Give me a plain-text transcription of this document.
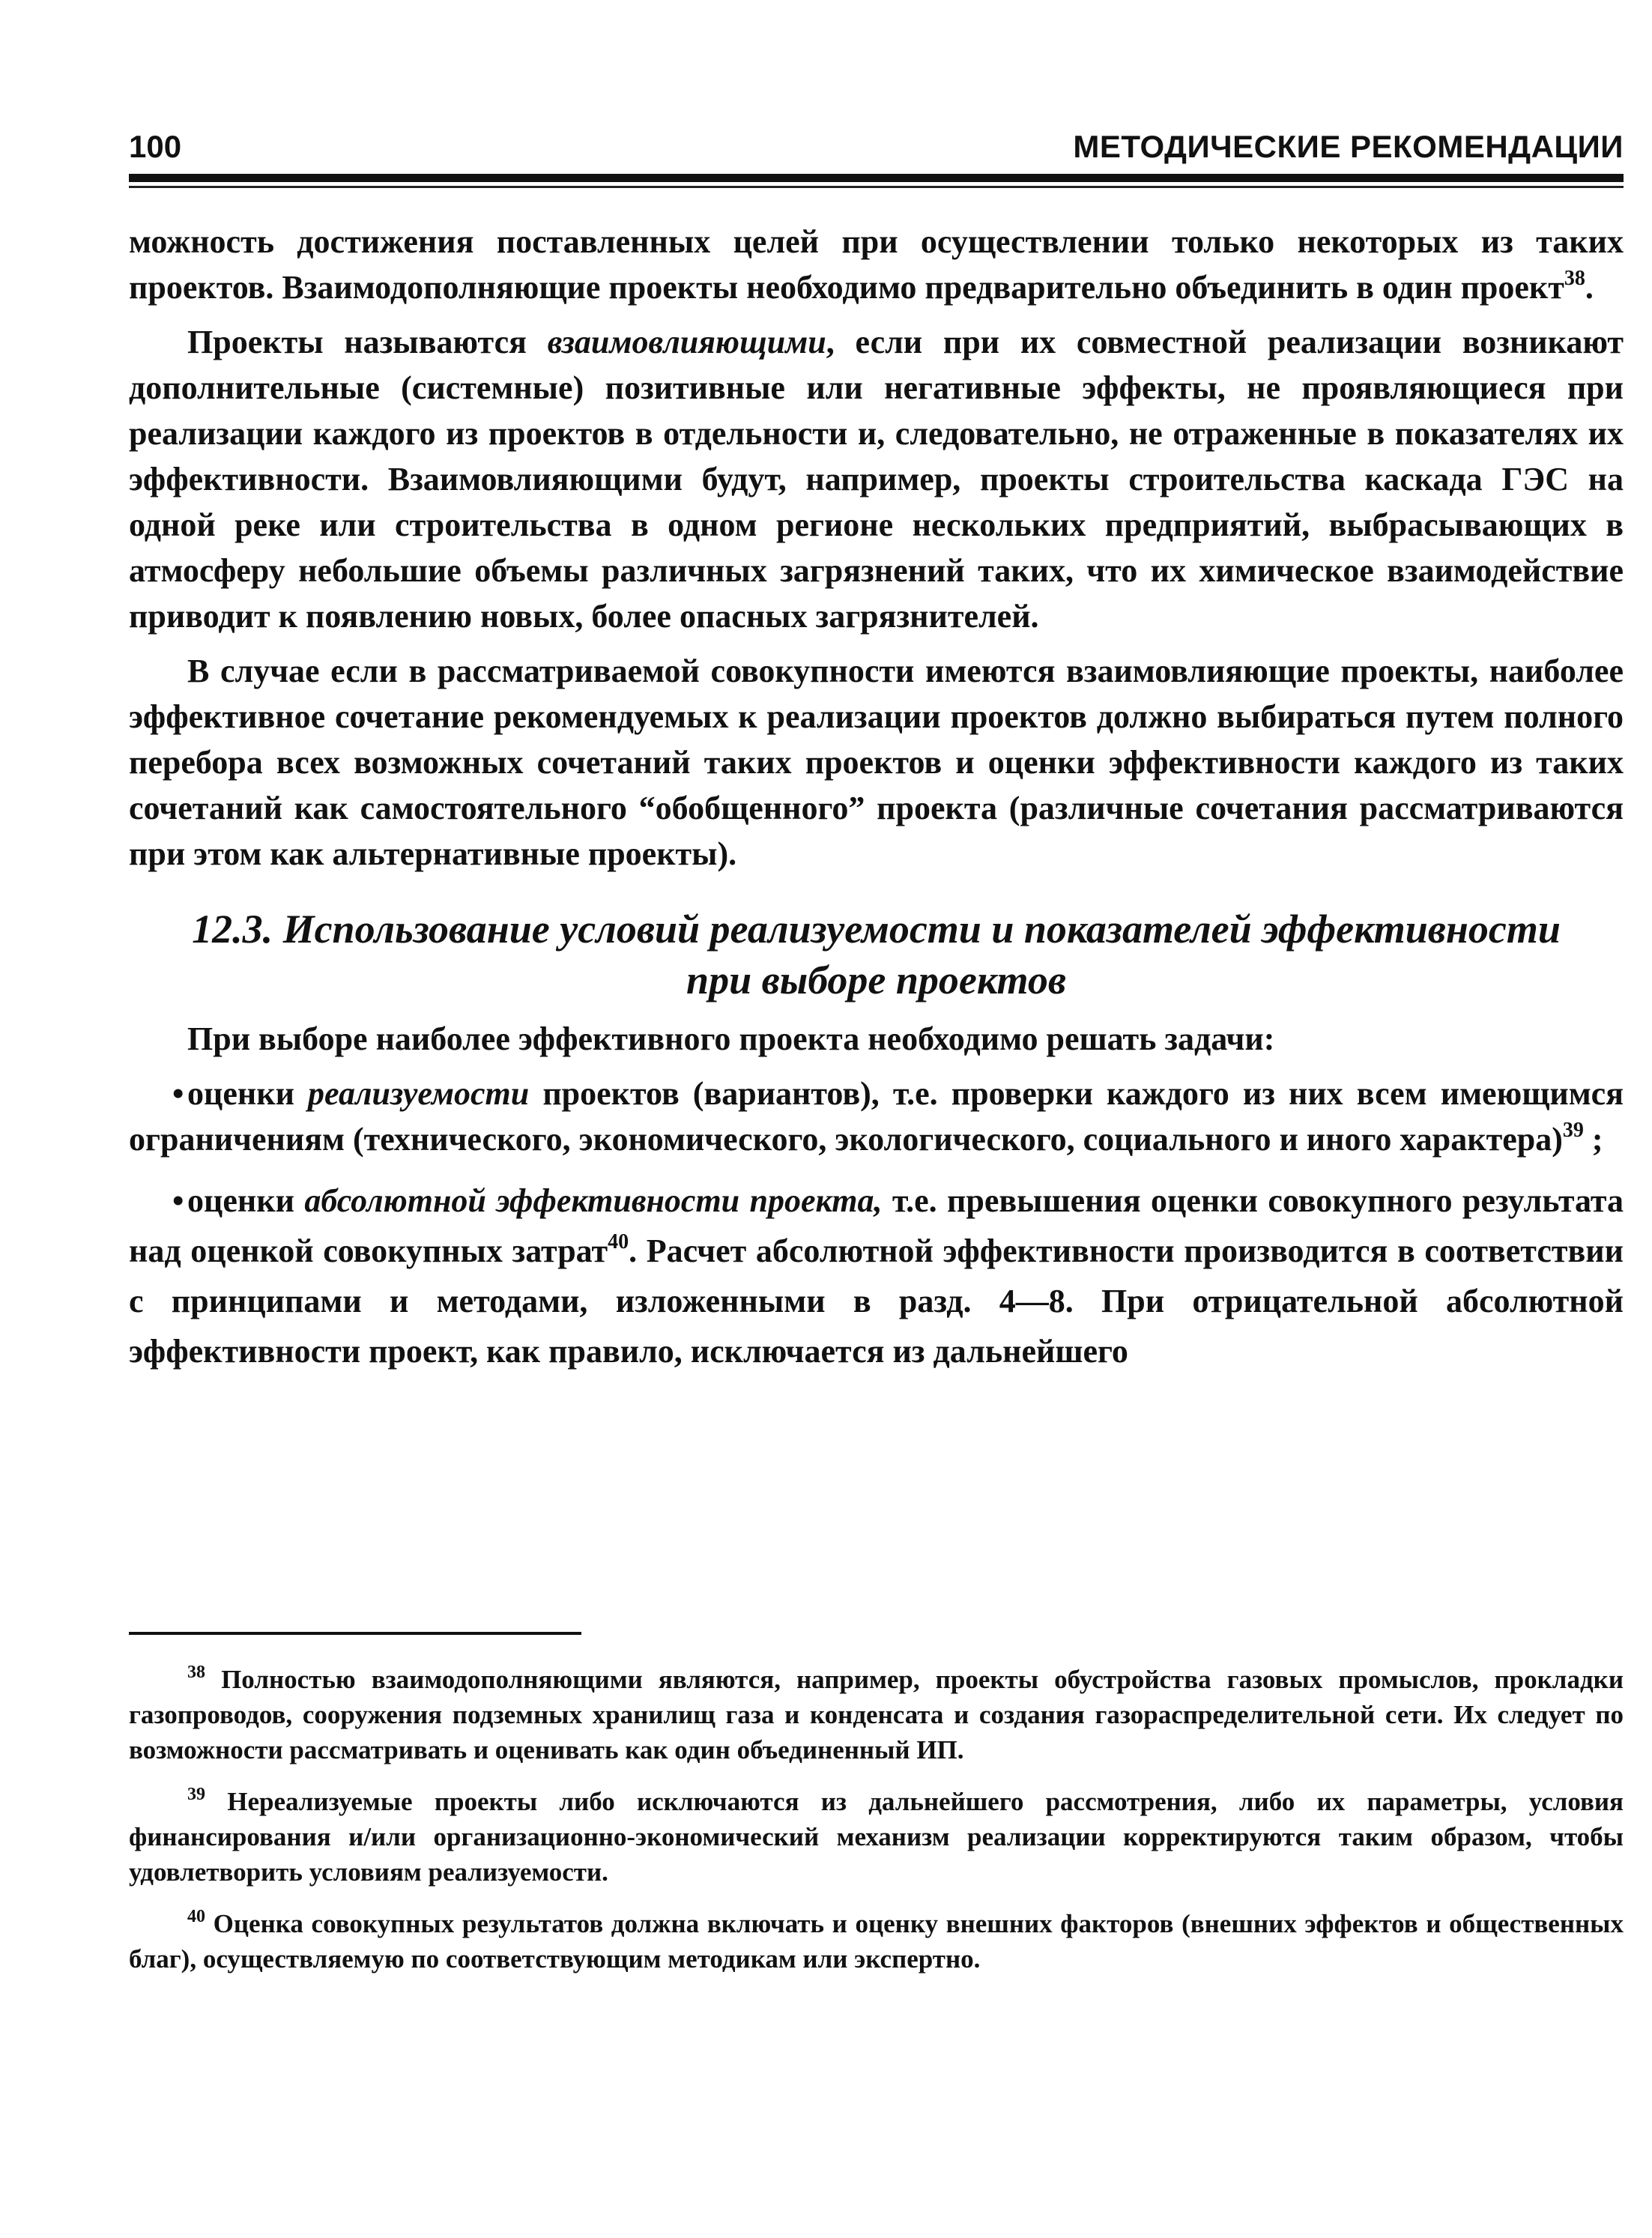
100	МЕТОДИЧЕСКИЕ РЕКОМЕНДАЦИИ

можность достижения поставленных целей при осуществлении только некоторых из таких проектов. Взаимодополняющие проекты необходимо предварительно объединить в один проект$^{38}$.

Проекты называются взаимовлияющими, если при их совместной реализации возникают дополнительные (системные) позитивные или негативные эффекты, не проявляющиеся при реализации каждого из проектов в отдельности и, следовательно, не отраженные в показателях их эффективности. Взаимовлияющими будут, например, проекты строительства каскада ГЭС на одной реке или строительства в одном регионе нескольких предприятий, выбрасывающих в атмосферу небольшие объемы различных загрязнений таких, что их химическое взаимодействие приводит к появлению новых, более опасных загрязнителей.

В случае если в рассматриваемой совокупности имеются взаимовлияющие проекты, наиболее эффективное сочетание рекомендуемых к реализации проектов должно выбираться путем полного перебора всех возможных сочетаний таких проектов и оценки эффективности каждого из таких сочетаний как самостоятельного “обобщенного” проекта (различные сочетания рассматриваются при этом как альтернативные проекты).

12.3. Использование условий реализуемости и показателей эффективности
при выборе проектов

При выборе наиболее эффективного проекта необходимо решать задачи:

• оценки реализуемости проектов (вариантов), т.е. проверки каждого из них всем имеющимся ограничениям (технического, экономического, экологического, социального и иного характера)$^{39}$ ;
• оценки абсолютной эффективности проекта, т.е. превышения оценки совокупного результата над оценкой совокупных затрат$^{40}$. Расчет абсолютной эффективности производится в соответствии с принципами и методами, изложенными в разд. 4—8. При отрицательной абсолютной эффективности проект, как правило, исключается из дальнейшего

$^{38}$ Полностью взаимодополняющими являются, например, проекты обустройства газовых промыслов, прокладки газопроводов, сооружения подземных хранилищ газа и конденсата и создания газораспределительной сети. Их следует по возможности рассматривать и оценивать как один объединенный ИП.

$^{39}$ Нереализуемые проекты либо исключаются из дальнейшего рассмотрения, либо их параметры, условия финансирования и/или организационно-экономический механизм реализации корректируются таким образом, чтобы удовлетворить условиям реализуемости.

$^{40}$ Оценка совокупных результатов должна включать и оценку внешних факторов (внешних эффектов и общественных благ), осуществляемую по соответствующим методикам или экспертно.
